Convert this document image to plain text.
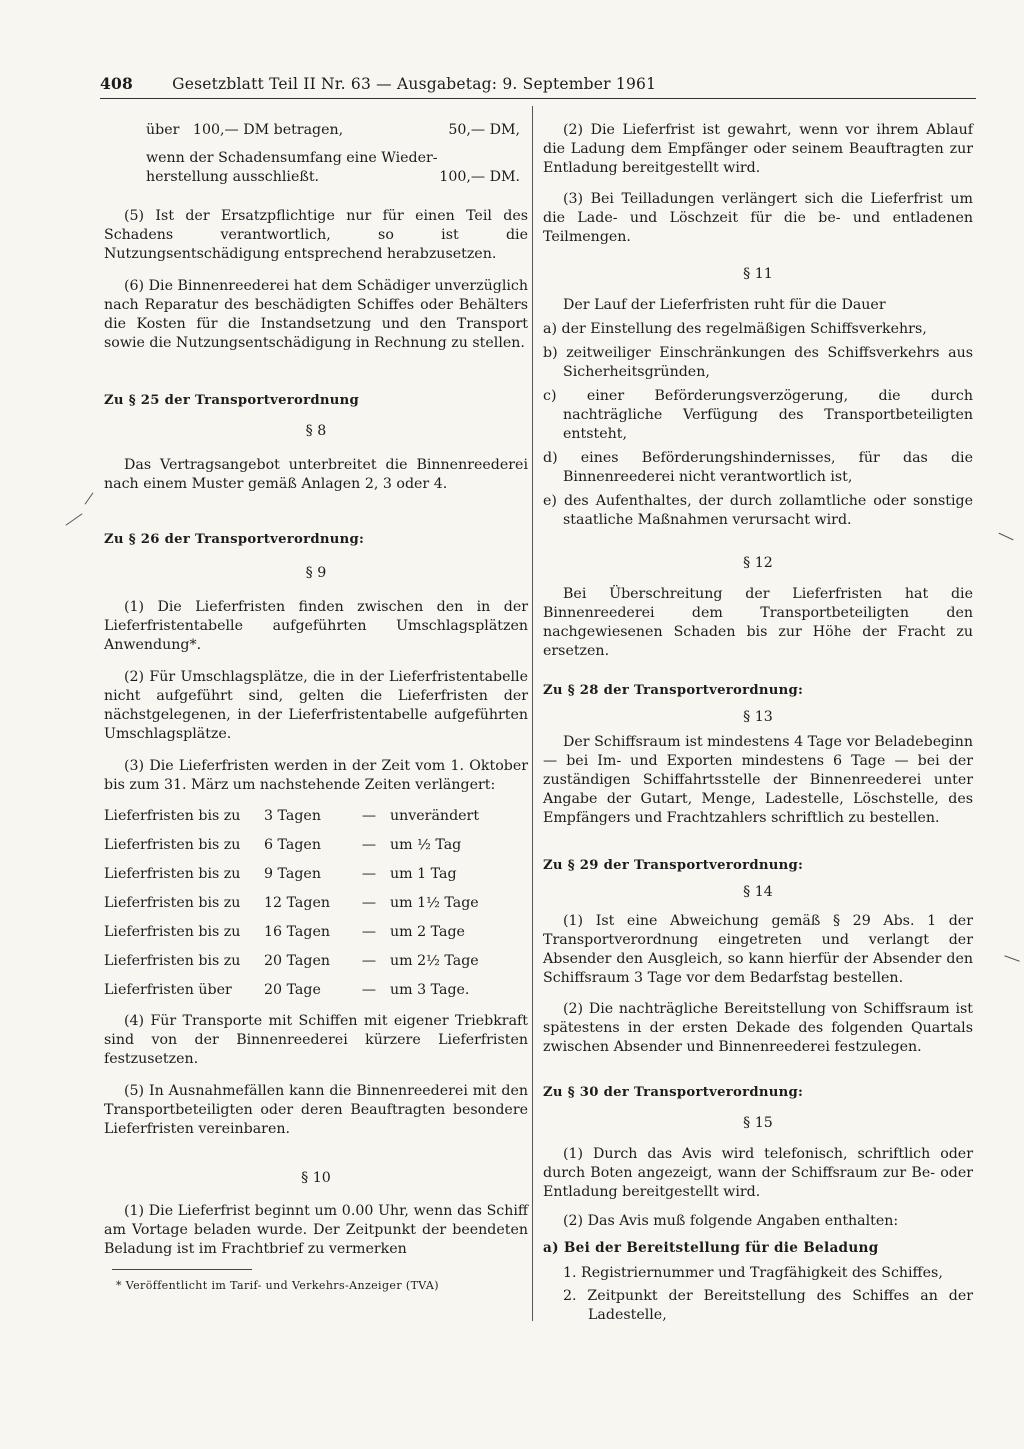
408	Gesetzblatt Teil II Nr. 63 — Ausgabetag: 9. September 1961
über   100,— DM betragen,	50,— DM,
wenn der Schadensumfang eine Wieder-
herstellung ausschließt.	100,— DM.

(5) Ist der Ersatzpflichtige nur für einen Teil des Schadens verantwortlich, so ist die Nutzungsentschädigung entsprechend herabzusetzen.

(6) Die Binnenreederei hat dem Schädiger unverzüglich nach Reparatur des beschädigten Schiffes oder Behälters die Kosten für die Instandsetzung und den Transport sowie die Nutzungsentschädigung in Rechnung zu stellen.

Zu § 25 der Transportverordnung

§ 8

Das Vertragsangebot unterbreitet die Binnenreederei nach einem Muster gemäß Anlagen 2, 3 oder 4.

Zu § 26 der Transportverordnung:

§ 9

(1) Die Lieferfristen finden zwischen den in der Lieferfristentabelle aufgeführten Umschlagsplätzen Anwendung*.

(2) Für Umschlagsplätze, die in der Lieferfristentabelle nicht aufgeführt sind, gelten die Lieferfristen der nächstgelegenen, in der Lieferfristentabelle aufgeführten Umschlagsplätze.

(3) Die Lieferfristen werden in der Zeit vom 1. Oktober bis zum 31. März um nachstehende Zeiten verlängert:

Lieferfristen bis zu	3 Tagen	—	unverändert
Lieferfristen bis zu	6 Tagen	—	um ½ Tag
Lieferfristen bis zu	9 Tagen	—	um 1 Tag
Lieferfristen bis zu	12 Tagen	—	um 1½ Tage
Lieferfristen bis zu	16 Tagen	—	um 2 Tage
Lieferfristen bis zu	20 Tagen	—	um 2½ Tage
Lieferfristen über	20 Tage	—	um 3 Tage.

(4) Für Transporte mit Schiffen mit eigener Triebkraft sind von der Binnenreederei kürzere Lieferfristen festzusetzen.

(5) In Ausnahmefällen kann die Binnenreederei mit den Transportbeteiligten oder deren Beauftragten besondere Lieferfristen vereinbaren.

§ 10

(1) Die Lieferfrist beginnt um 0.00 Uhr, wenn das Schiff am Vortage beladen wurde. Der Zeitpunkt der beendeten Beladung ist im Frachtbrief zu vermerken

* Veröffentlicht im Tarif- und Verkehrs-Anzeiger (TVA)

(2) Die Lieferfrist ist gewahrt, wenn vor ihrem Ablauf die Ladung dem Empfänger oder seinem Beauftragten zur Entladung bereitgestellt wird.

(3) Bei Teilladungen verlängert sich die Lieferfrist um die Lade- und Löschzeit für die be- und entladenen Teilmengen.

§ 11

Der Lauf der Lieferfristen ruht für die Dauer

a) der Einstellung des regelmäßigen Schiffsverkehrs,

b) zeitweiliger Einschränkungen des Schiffsverkehrs aus Sicherheitsgründen,

c) einer Beförderungsverzögerung, die durch nachträgliche Verfügung des Transportbeteiligten entsteht,

d) eines Beförderungshindernisses, für das die Binnenreederei nicht verantwortlich ist,

e) des Aufenthaltes, der durch zollamtliche oder sonstige staatliche Maßnahmen verursacht wird.

§ 12

Bei Überschreitung der Lieferfristen hat die Binnenreederei dem Transportbeteiligten den nachgewiesenen Schaden bis zur Höhe der Fracht zu ersetzen.

Zu § 28 der Transportverordnung:

§ 13

Der Schiffsraum ist mindestens 4 Tage vor Beladebeginn — bei Im- und Exporten mindestens 6 Tage — bei der zuständigen Schiffahrtsstelle der Binnenreederei unter Angabe der Gutart, Menge, Ladestelle, Löschstelle, des Empfängers und Frachtzahlers schriftlich zu bestellen.

Zu § 29 der Transportverordnung:

§ 14

(1) Ist eine Abweichung gemäß § 29 Abs. 1 der Transportverordnung eingetreten und verlangt der Absender den Ausgleich, so kann hierfür der Absender den Schiffsraum 3 Tage vor dem Bedarfstag bestellen.

(2) Die nachträgliche Bereitstellung von Schiffsraum ist spätestens in der ersten Dekade des folgenden Quartals zwischen Absender und Binnenreederei festzulegen.

Zu § 30 der Transportverordnung:

§ 15

(1) Durch das Avis wird telefonisch, schriftlich oder durch Boten angezeigt, wann der Schiffsraum zur Be- oder Entladung bereitgestellt wird.

(2) Das Avis muß folgende Angaben enthalten:

a) Bei der Bereitstellung für die Beladung

1. Registriernummer und Tragfähigkeit des Schiffes,

2. Zeitpunkt der Bereitstellung des Schiffes an der Ladestelle,
